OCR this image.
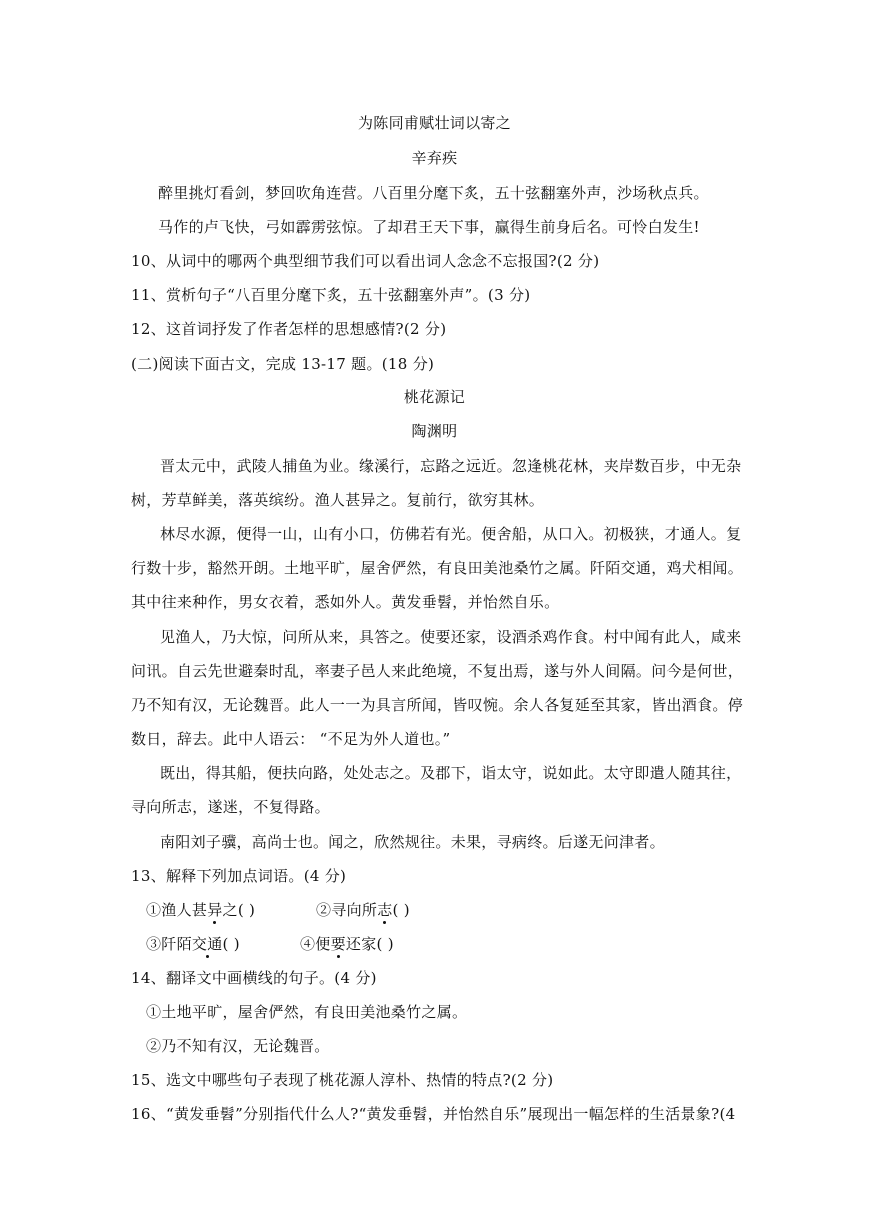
为陈同甫赋壮词以寄之
辛弃疾
醉里挑灯看剑，梦回吹角连营。八百里分麾下炙，五十弦翻塞外声，沙场秋点兵。
马作的卢飞快，弓如霹雳弦惊。了却君王天下事，赢得生前身后名。可怜白发生!
10、从词中的哪两个典型细节我们可以看出词人念念不忘报国?(2 分)
11、赏析句子“八百里分麾下炙，五十弦翻塞外声”。(3 分)
12、这首词抒发了作者怎样的思想感情?(2 分)
(二)阅读下面古文，完成 13-17 题。(18 分)
桃花源记
陶渊明
晋太元中，武陵人捕鱼为业。缘溪行，忘路之远近。忽逢桃花林，夹岸数百步，中无杂
树，芳草鲜美，落英缤纷。渔人甚异之。复前行，欲穷其林。
林尽水源，便得一山，山有小口，仿佛若有光。便舍船，从口入。初极狭，才通人。复
行数十步，豁然开朗。土地平旷，屋舍俨然，有良田美池桑竹之属。阡陌交通，鸡犬相闻。
其中往来种作，男女衣着，悉如外人。黄发垂髫，并怡然自乐。
见渔人，乃大惊，问所从来，具答之。使要还家，设酒杀鸡作食。村中闻有此人，咸来
问讯。自云先世避秦时乱，率妻子邑人来此绝境，不复出焉，遂与外人间隔。问今是何世，
乃不知有汉，无论魏晋。此人一一为具言所闻，皆叹惋。余人各复延至其家，皆出酒食。停
数日，辞去。此中人语云： “不足为外人道也。”
既出，得其船，便扶向路，处处志之。及郡下，诣太守，说如此。太守即遣人随其往，
寻向所志，遂迷，不复得路。
南阳刘子骥，高尚士也。闻之，欣然规往。未果，寻病终。后遂无问津者。
13、解释下列加点词语。(4 分)
①渔人甚异之( )	②寻向所志( )
③阡陌交通( )	④便要还家( )
14、翻译文中画横线的句子。(4 分)
①土地平旷，屋舍俨然，有良田美池桑竹之属。
②乃不知有汉，无论魏晋。
15、选文中哪些句子表现了桃花源人淳朴、热情的特点?(2 分)
16、“黄发垂髫”分别指代什么人?“黄发垂髫，并怡然自乐”展现出一幅怎样的生活景象?(4
